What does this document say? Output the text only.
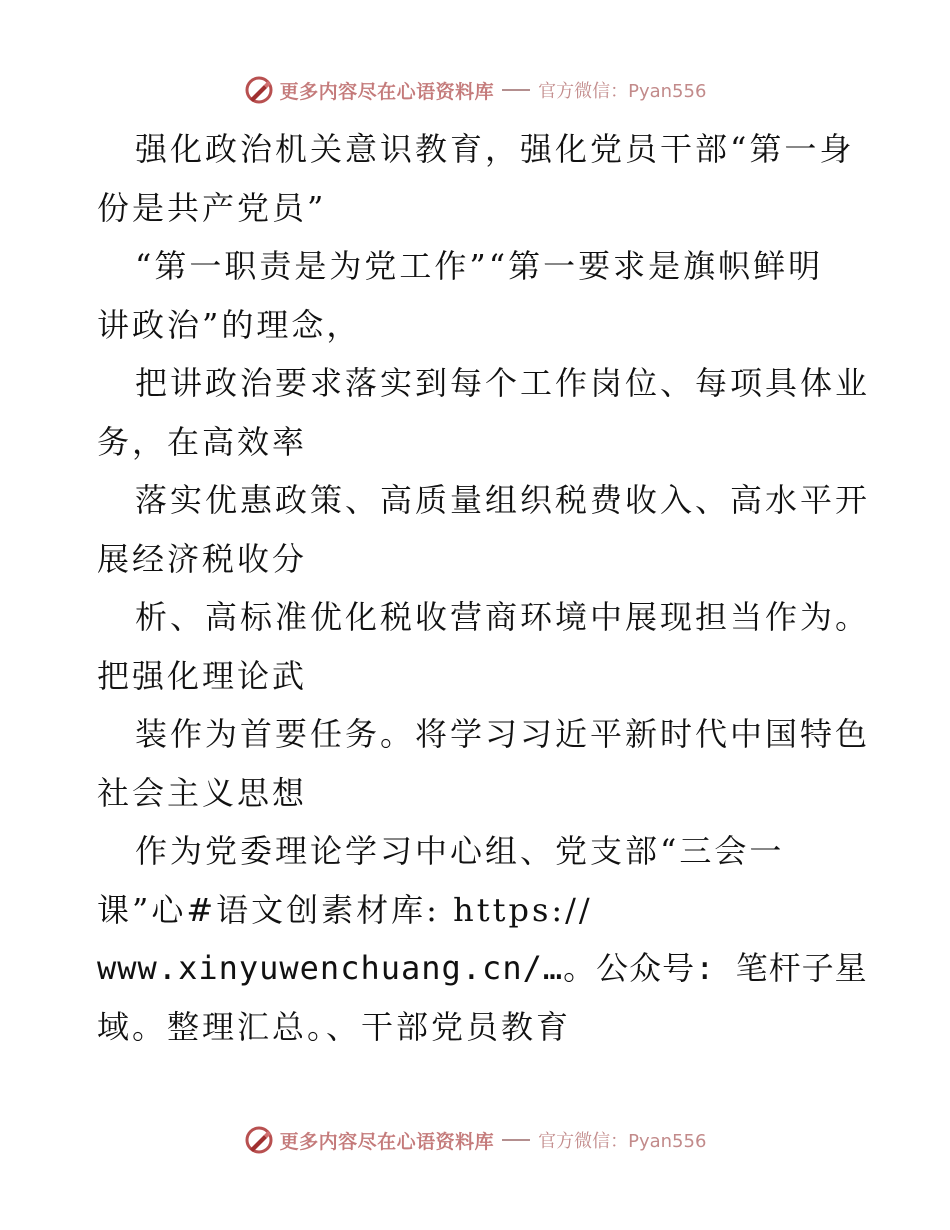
更多内容尽在心语资料库 官方微信：Pyan556
强化政治机关意识教育，强化党员干部“第一身
份是共产党员”
“第一职责是为党工作”“第一要求是旗帜鲜明
讲政治”的理念，
把讲政治要求落实到每个工作岗位、每项具体业
务，在高效率
落实优惠政策、高质量组织税费收入、高水平开
展经济税收分
析、高标准优化税收营商环境中展现担当作为。
把强化理论武
装作为首要任务。将学习习近平新时代中国特色
社会主义思想
作为党委理论学习中心组、党支部“三会一
课”心#语文创素材库: https://
www.xinyuwenchuang.cn/…。公众号: 笔杆子星
域。整理汇总。、干部党员教育
更多内容尽在心语资料库 官方微信：Pyan556
